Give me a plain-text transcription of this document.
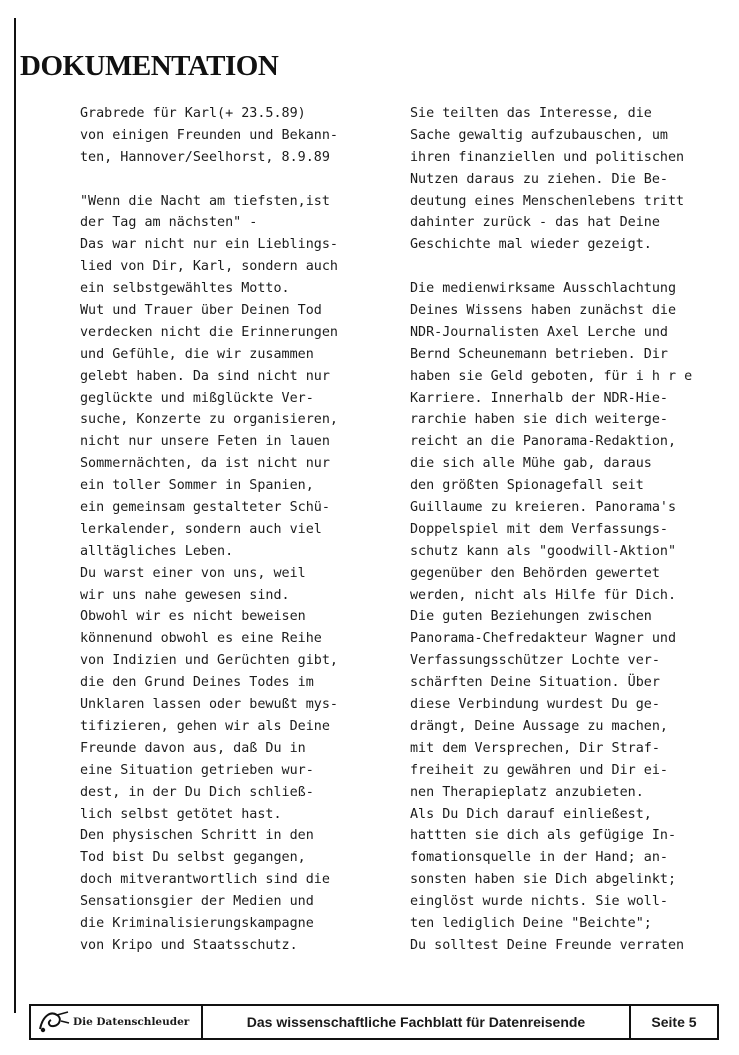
DOKUMENTATION
Grabrede für Karl(+ 23.5.89)
von einigen Freunden und Bekann-
ten, Hannover/Seelhorst, 8.9.89
"Wenn die Nacht am tiefsten,ist
der Tag am nächsten" -
Das war nicht nur ein Lieblings-
lied von Dir, Karl, sondern auch
ein selbstgewähltes Motto.
Wut und Trauer über Deinen Tod
verdecken nicht die Erinnerungen
und Gefühle, die wir zusammen
gelebt haben. Da sind nicht nur
geglückte und mißglückte Ver-
suche, Konzerte zu organisieren,
nicht nur unsere Feten in lauen
Sommernächten, da ist nicht nur
ein toller Sommer in Spanien,
ein gemeinsam gestalteter Schü-
lerkalender, sondern auch viel
alltägliches Leben.
Du warst einer von uns, weil
wir uns nahe gewesen sind.
Obwohl wir es nicht beweisen
könnenund obwohl es eine Reihe
von Indizien und Gerüchten gibt,
die den Grund Deines Todes im
Unklaren lassen oder bewußt mys-
tifizieren, gehen wir als Deine
Freunde davon aus, daß Du in
eine Situation getrieben wur-
dest, in der Du Dich schließ-
lich selbst getötet hast.
Den physischen Schritt in den
Tod bist Du selbst gegangen,
doch mitverantwortlich sind die
Sensationsgier der Medien und
die Kriminalisierungskampagne
von Kripo und Staatsschutz.
Sie teilten das Interesse, die
Sache gewaltig aufzubauschen, um
ihren finanziellen und politischen
Nutzen daraus zu ziehen. Die Be-
deutung eines Menschenlebens tritt
dahinter zurück - das hat Deine
Geschichte mal wieder gezeigt.
Die medienwirksame Ausschlachtung
Deines Wissens haben zunächst die
NDR-Journalisten Axel Lerche und
Bernd Scheunemann betrieben. Dir
haben sie Geld geboten, für i h r e
Karriere. Innerhalb der NDR-Hie-
rarchie haben sie dich weiterge-
reicht an die Panorama-Redaktion,
die sich alle Mühe gab, daraus
den größten Spionagefall seit
Guillaume zu kreieren. Panorama's
Doppelspiel mit dem Verfassungs-
schutz kann als "goodwill-Aktion"
gegenüber den Behörden gewertet
werden, nicht als Hilfe für Dich.
Die guten Beziehungen zwischen
Panorama-Chefredakteur Wagner und
Verfassungsschützer Lochte ver-
schärften Deine Situation. Über
diese Verbindung wurdest Du ge-
drängt, Deine Aussage zu machen,
mit dem Versprechen, Dir Straf-
freiheit zu gewähren und Dir ei-
nen Therapieplatz anzubieten.
Als Du Dich darauf einließest,
hattten sie dich als gefügige In-
fomationsquelle in der Hand; an-
sonsten haben sie Dich abgelinkt;
einglöst wurde nichts. Sie woll-
ten lediglich Deine "Beichte";
Du solltest Deine Freunde verraten
Die Datenschleuder	Das wissenschaftliche Fachblatt für Datenreisende	Seite 5
